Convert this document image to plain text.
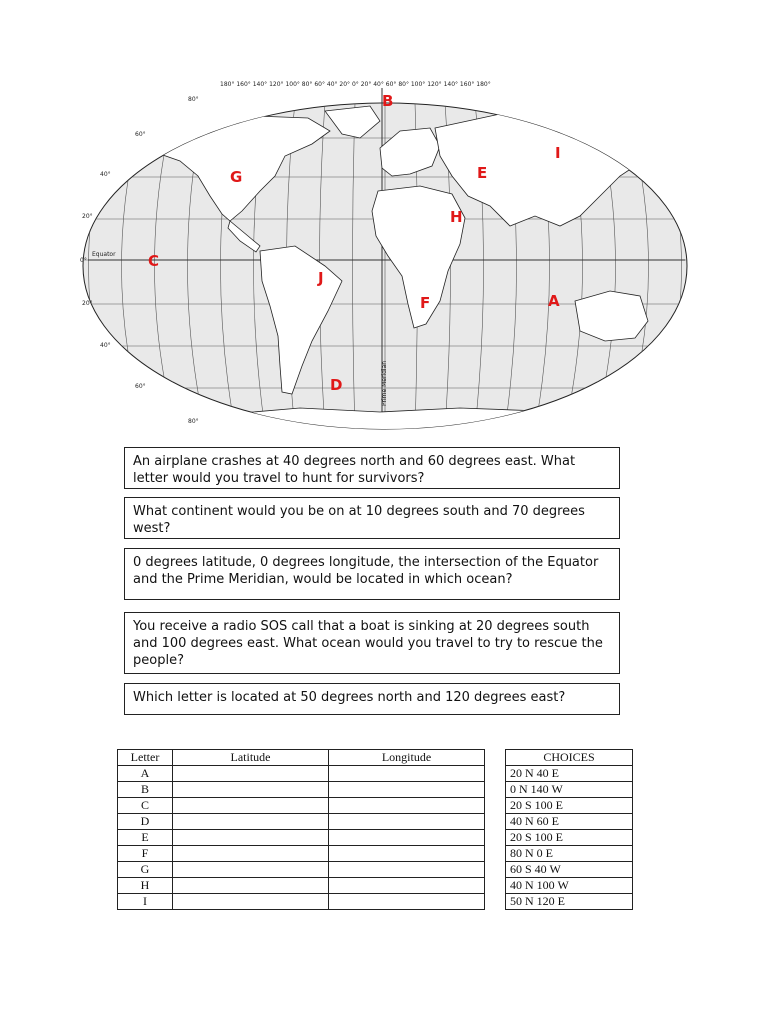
180° 160° 140° 120° 100° 80° 60° 40° 20° 0° 20° 40° 60° 80° 100° 120° 140° 160° 180°
80°
60°
40°
20°
0°
20°
40°
60°
80°
Equator
Prime Meridian
A
B
C
D
E
F
G
H
I
J
An airplane crashes at 40 degrees north and 60 degrees east. What letter would you travel to hunt for survivors?
What continent would you be on at 10 degrees south and 70 degrees west?
0 degrees latitude, 0 degrees longitude, the intersection of the Equator and the Prime Meridian, would be located in which ocean?
You receive a radio SOS call that a boat is sinking at 20 degrees south and 100 degrees east. What ocean would you travel to try to rescue the people?
Which letter is located at 50 degrees north and 120 degrees east?
Letter	Latitude	Longitude
A		
B		
C		
D		
E		
F		
G		
H		
I		
CHOICES
20 N 40 E
0 N 140 W
20 S 100 E
40 N 60 E
20 S 100 E
80 N 0 E
60 S 40 W
40 N 100 W
50 N 120 E
